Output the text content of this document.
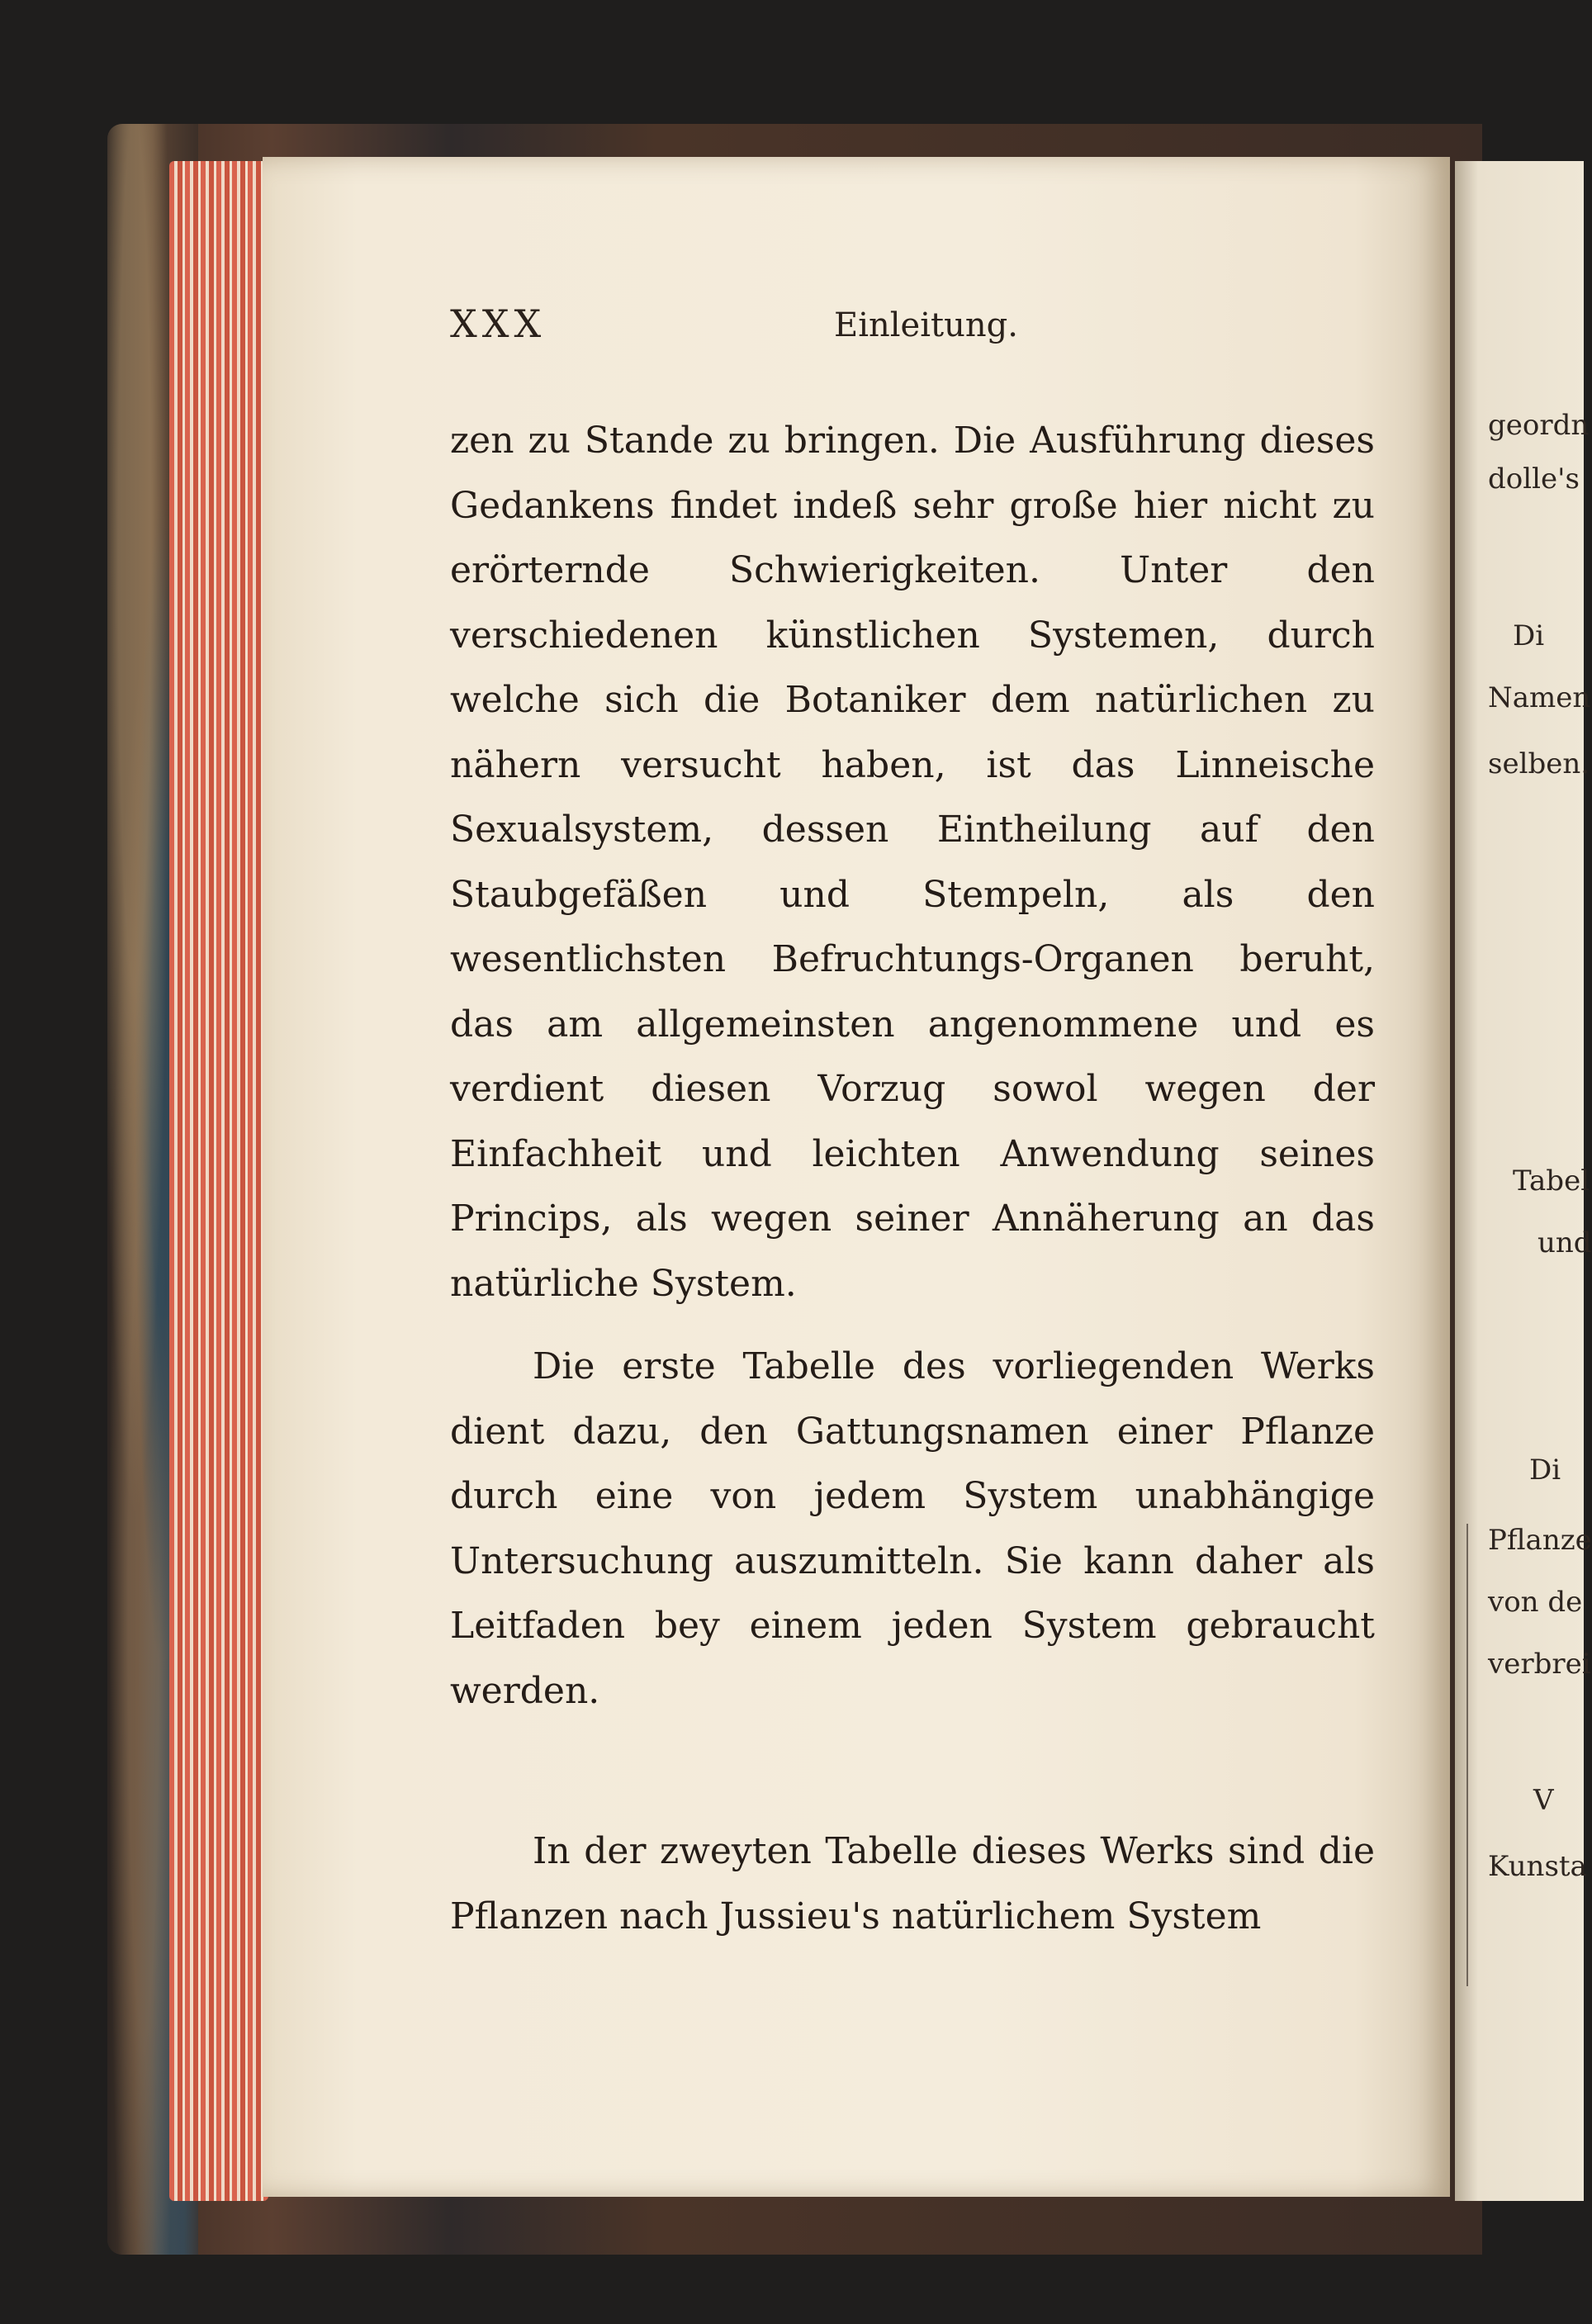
XXX	Einleitung.

zen zu Stande zu bringen. Die Ausführung dieses Gedankens findet indeß sehr große hier nicht zu erörternde Schwierigkeiten. Unter den verschiedenen künstlichen Systemen, durch welche sich die Botaniker dem natürlichen zu nähern versucht haben, ist das Linneische Sexualsystem, dessen Eintheilung auf den Staubgefäßen und Stempeln, als den wesentlichsten Befruchtungs-Organen beruht, das am allgemeinsten angenommene und es verdient diesen Vorzug sowol wegen der Einfachheit und leichten Anwendung seines Princips, als wegen seiner Annäherung an das natürliche System.

Die erste Tabelle des vorliegenden Werks dient dazu, den Gattungsnamen einer Pflanze durch eine von jedem System unabhängige Untersuchung auszumitteln. Sie kann daher als Leitfaden bey einem jeden System gebraucht werden.

In der zweyten Tabelle dieses Werks sind die Pflanzen nach Jussieu's natürlichem System

geordn
dolle's
Di
Namen
selben.
Tabel
und
Di
Pflanze
von de
verbrei
V
Kunsta
